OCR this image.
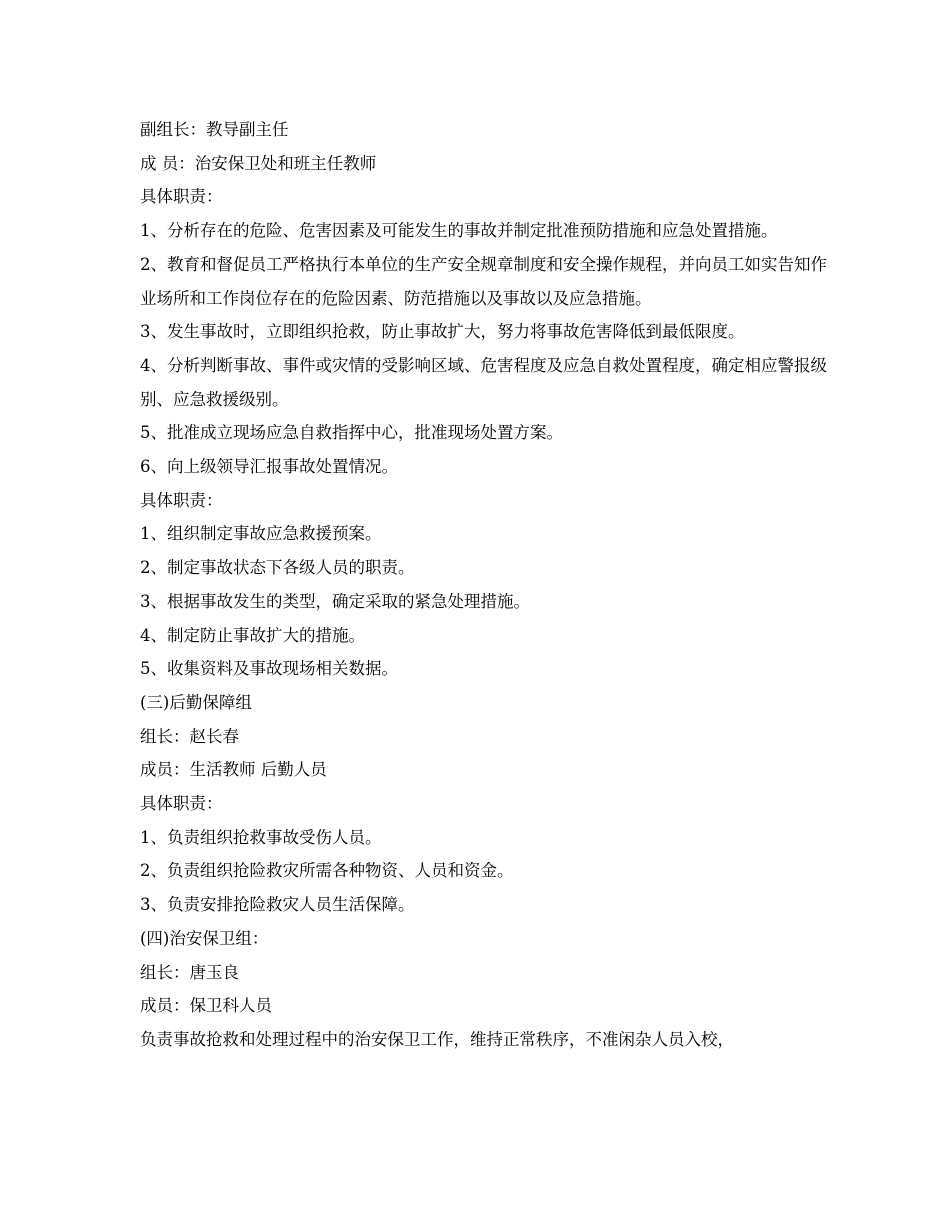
副组长：教导副主任
成 员：治安保卫处和班主任教师
具体职责：
1、分析存在的危险、危害因素及可能发生的事故并制定批准预防措施和应急处置措施。
2、教育和督促员工严格执行本单位的生产安全规章制度和安全操作规程，并向员工如实告知作业场所和工作岗位存在的危险因素、防范措施以及事故以及应急措施。
3、发生事故时，立即组织抢救，防止事故扩大，努力将事故危害降低到最低限度。
4、分析判断事故、事件或灾情的受影响区域、危害程度及应急自救处置程度，确定相应警报级别、应急救援级别。
5、批准成立现场应急自救指挥中心，批准现场处置方案。
6、向上级领导汇报事故处置情况。
具体职责：
1、组织制定事故应急救援预案。
2、制定事故状态下各级人员的职责。
3、根据事故发生的类型，确定采取的紧急处理措施。
4、制定防止事故扩大的措施。
5、收集资料及事故现场相关数据。
(三)后勤保障组
组长：赵长春
成员：生活教师 后勤人员
具体职责：
1、负责组织抢救事故受伤人员。
2、负责组织抢险救灾所需各种物资、人员和资金。
3、负责安排抢险救灾人员生活保障。
(四)治安保卫组：
组长：唐玉良
成员：保卫科人员
负责事故抢救和处理过程中的治安保卫工作，维持正常秩序，不准闲杂人员入校，
